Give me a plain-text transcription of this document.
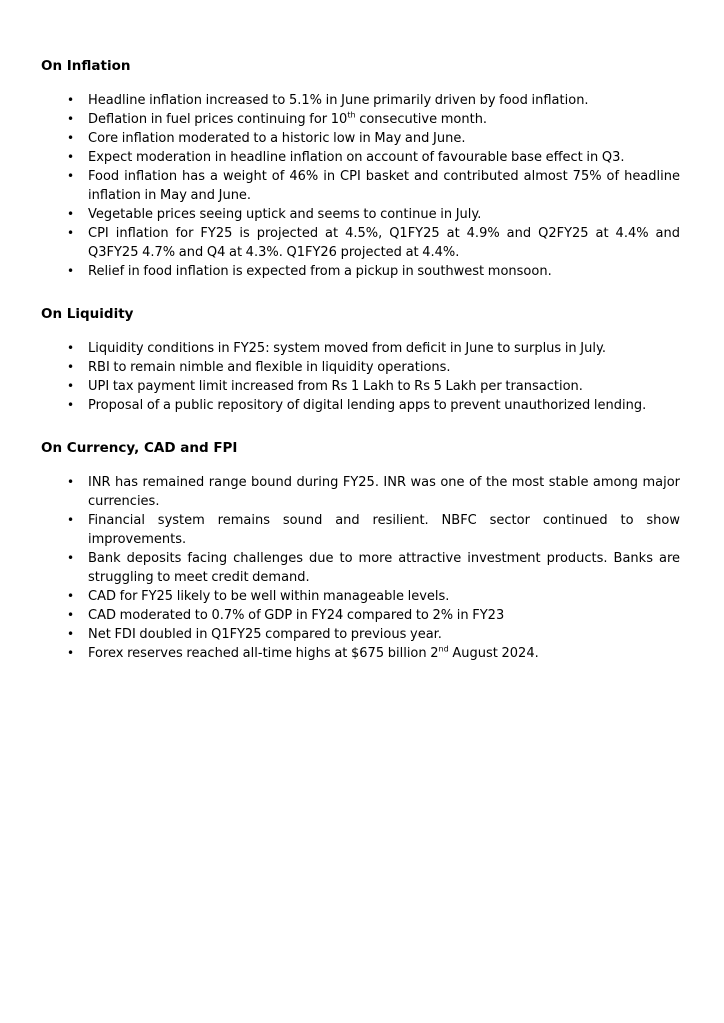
On Inflation
• Headline inflation increased to 5.1% in June primarily driven by food inflation.
• Deflation in fuel prices continuing for 10th consecutive month.
• Core inflation moderated to a historic low in May and June.
• Expect moderation in headline inflation on account of favourable base effect in Q3.
• Food inflation has a weight of 46% in CPI basket and contributed almost 75% of headline inflation in May and June.
• Vegetable prices seeing uptick and seems to continue in July.
• CPI inflation for FY25 is projected at 4.5%, Q1FY25 at 4.9% and Q2FY25 at 4.4% and Q3FY25 4.7% and Q4 at 4.3%. Q1FY26 projected at 4.4%.
• Relief in food inflation is expected from a pickup in southwest monsoon.
On Liquidity
• Liquidity conditions in FY25: system moved from deficit in June to surplus in July.
• RBI to remain nimble and flexible in liquidity operations.
• UPI tax payment limit increased from Rs 1 Lakh to Rs 5 Lakh per transaction.
• Proposal of a public repository of digital lending apps to prevent unauthorized lending.
On Currency, CAD and FPI
• INR has remained range bound during FY25. INR was one of the most stable among major currencies.
• Financial system remains sound and resilient. NBFC sector continued to show improvements.
• Bank deposits facing challenges due to more attractive investment products. Banks are struggling to meet credit demand.
• CAD for FY25 likely to be well within manageable levels.
• CAD moderated to 0.7% of GDP in FY24 compared to 2% in FY23
• Net FDI doubled in Q1FY25 compared to previous year.
• Forex reserves reached all-time highs at $675 billion 2nd August 2024.
